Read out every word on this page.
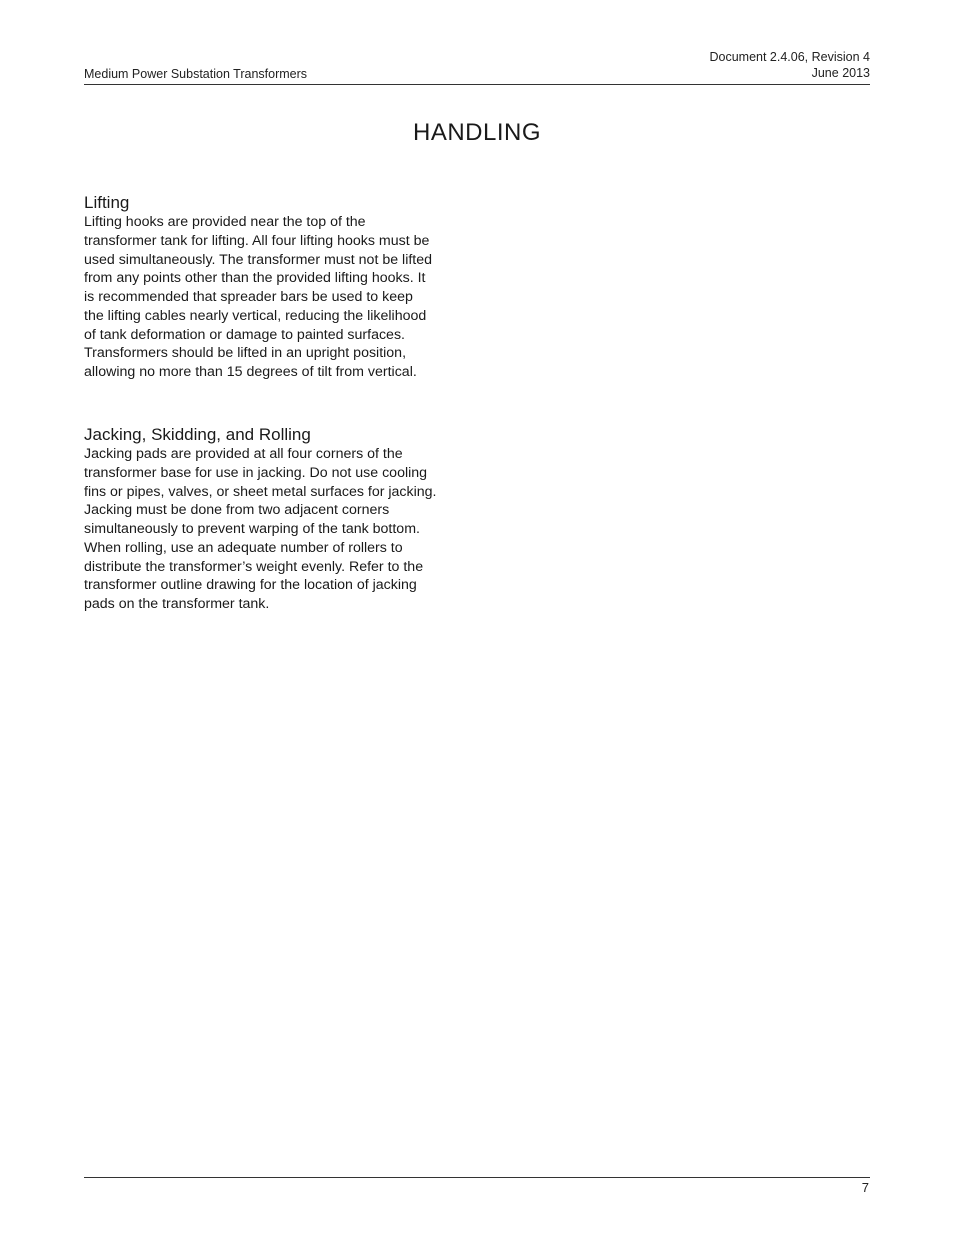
Medium Power Substation Transformers
Document 2.4.06, Revision 4
June 2013
HANDLING
Lifting

Lifting hooks are provided near the top of the
transformer tank for lifting. All four lifting hooks must be
used simultaneously. The transformer must not be lifted
from any points other than the provided lifting hooks. It
is recommended that spreader bars be used to keep
the lifting cables nearly vertical, reducing the likelihood
of tank deformation or damage to painted surfaces.
Transformers should be lifted in an upright position,
allowing no more than 15 degrees of tilt from vertical.

Jacking, Skidding, and Rolling

Jacking pads are provided at all four corners of the
transformer base for use in jacking. Do not use cooling
fins or pipes, valves, or sheet metal surfaces for jacking.
Jacking must be done from two adjacent corners
simultaneously to prevent warping of the tank bottom.
When rolling, use an adequate number of rollers to
distribute the transformer’s weight evenly. Refer to the
transformer outline drawing for the location of jacking
pads on the transformer tank.

7
